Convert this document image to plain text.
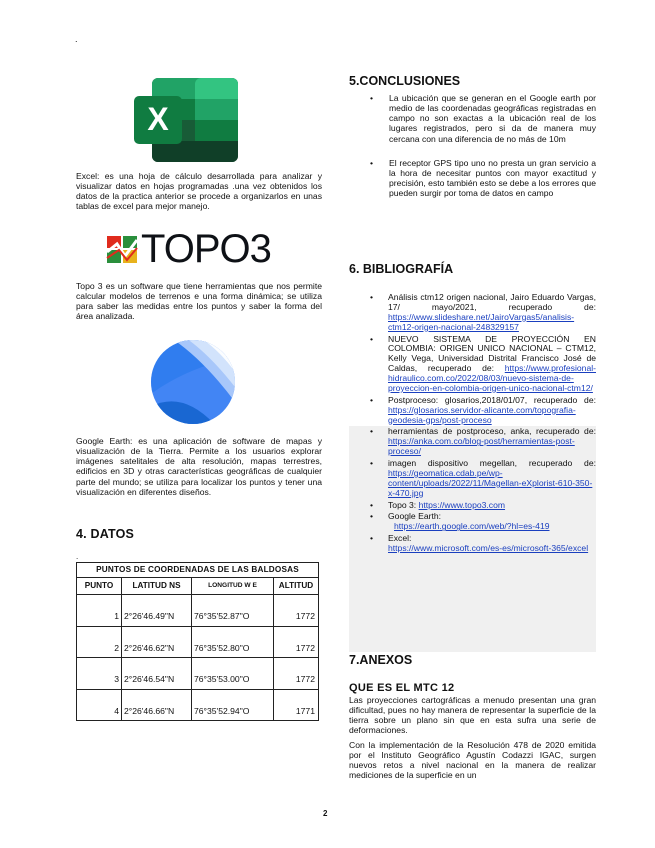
.
X
Excel: es una hoja de cálculo desarrollada para analizar y visualizar datos en hojas programadas .una vez obtenidos los datos de la practica anterior se procede a organizarlos en unas tablas de excel para mejor manejo.
TOPO3
Topo 3 es un software que tiene herramientas que nos permite calcular modelos de terrenos e una forma dinámica; se utiliza para saber las medidas entre los puntos y saber la forma del área analizada.
Google Earth: es una aplicación de software de mapas y visualización de la Tierra. Permite a los usuarios explorar imágenes satelitales de alta resolución, mapas terrestres, edificios en 3D y otras características geográficas de cualquier parte del mundo; se utiliza para localizar los puntos y tener una visualización en diferentes diseños.
4. DATOS
.
PUNTOS DE COORDENADAS DE LAS BALDOSAS			
PUNTO	LATITUD NS	LONGITUD W E	ALTITUD
1	2°26'46.49"N	76°35'52.87"O	1772
2	2°26'46.62"N	76°35'52.80"O	1772
3	2°26'46.54"N	76°35'53.00"O	1772
4	2°26'46.66"N	76°35'52.94"O	1771
5.CONCLUSIONES
• La ubicación que se generan en el Google earth por medio de las coordenadas geográficas registradas en campo no son exactas a la ubicación real de los lugares registrados, pero si da de manera muy cercana con una diferencia de no más de 10m
• El receptor GPS tipo uno no presta un gran servicio a la hora de necesitar puntos con mayor exactitud y precisión, esto también esto se debe a los errores que pueden surgir por toma de datos en campo
6. BIBLIOGRAFÍA
• Análisis ctm12 origen nacional, Jairo Eduardo Vargas, 17/ mayo/2021, recuperado de: https://www.slideshare.net/JairoVargas5/analisis-ctm12-origen-nacional-248329157
• NUEVO SISTEMA DE PROYECCIÓN EN COLOMBIA: ORIGEN UNICO NACIONAL – CTM12, Kelly Vega, Universidad Distrital Francisco José de Caldas, recuperado de: https://www.profesional-hidraulico.com.co/2022/08/03/nuevo-sistema-de-proyeccion-en-colombia-origen-unico-nacional-ctm12/
• Postproceso: glosarios,2018/01/07, recuperado de: https://glosarios.servidor-alicante.com/topografia-geodesia-gps/post-proceso
• herramientas de postproceso, anka, recuperado de: https://anka.com.co/blog-post/herramientas-post-proceso/
• imagen dispositivo megellan, recuperado de: https://geomatica.cdab.pe/wp-content/uploads/2022/11/Magellan-eXplorist-610-350-x-470.jpg
• Topo 3: https://www.topo3.com
• Google Earth:
https://earth.google.com/web/?hl=es-419
• Excel:
https://www.microsoft.com/es-es/microsoft-365/excel
7.ANEXOS
QUE ES EL MTC 12
Las proyecciones cartográficas a menudo presentan una gran dificultad, pues no hay manera de representar la superficie de la tierra sobre un plano sin que en esta sufra una serie de deformaciones.
Con la implementación de la Resolución 478 de 2020 emitida por el Instituto Geográfico Agustín Codazzi IGAC, surgen nuevos retos a nivel nacional en la manera de realizar mediciones de la superficie en un
2
